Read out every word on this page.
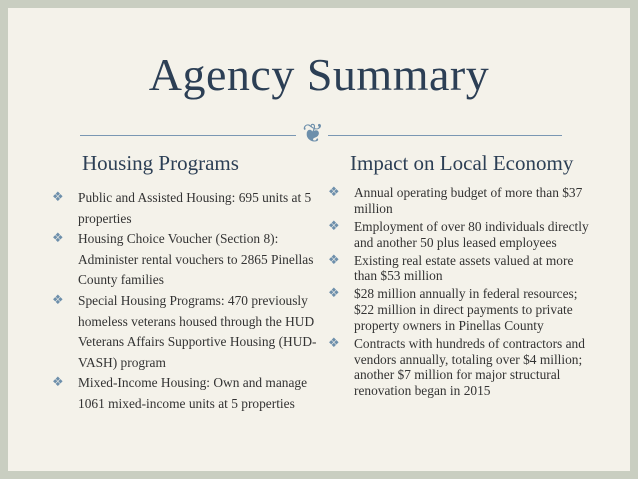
Agency Summary
❦
Housing Programs	Impact on Local Economy
❖	Public and Assisted Housing: 695 units at 5 properties
❖	Housing Choice Voucher (Section 8): Administer rental vouchers to 2865 Pinellas County families
❖	Special Housing Programs: 470 previously homeless veterans housed through the HUD Veterans Affairs Supportive Housing (HUD-VASH) program
❖	Mixed-Income Housing: Own and manage 1061 mixed-income units at 5 properties
❖	Annual operating budget of more than $37 million
❖	Employment of over 80 individuals directly and another 50 plus leased employees
❖	Existing real estate assets valued at more than $53 million
❖	$28 million annually in federal resources; $22 million in direct payments to private property owners in Pinellas County
❖	Contracts with hundreds of contractors and vendors annually, totaling over $4 million; another $7 million for major structural renovation began in 2015
